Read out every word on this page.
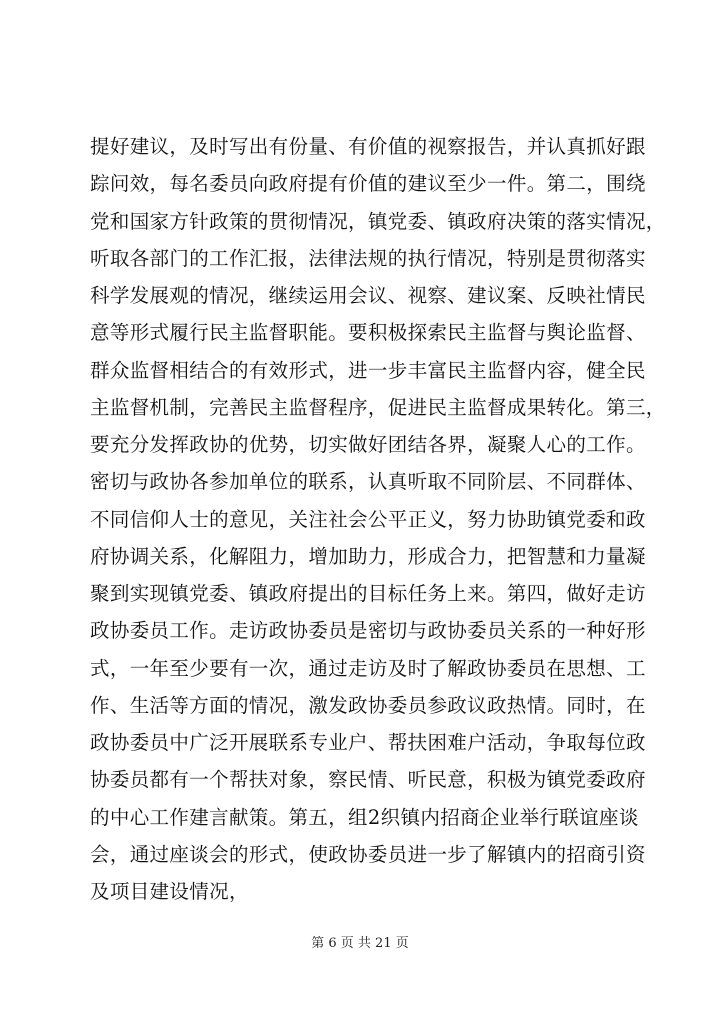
提好建议，及时写出有份量、有价值的视察报告，并认真抓好跟
踪问效，每名委员向政府提有价值的建议至少一件。第二，围绕
党和国家方针政策的贯彻情况，镇党委、镇政府决策的落实情况，
听取各部门的工作汇报，法律法规的执行情况，特别是贯彻落实
科学发展观的情况，继续运用会议、视察、建议案、反映社情民
意等形式履行民主监督职能。要积极探索民主监督与舆论监督、
群众监督相结合的有效形式，进一步丰富民主监督内容，健全民
主监督机制，完善民主监督程序，促进民主监督成果转化。第三，
要充分发挥政协的优势，切实做好团结各界，凝聚人心的工作。
密切与政协各参加单位的联系，认真听取不同阶层、不同群体、
不同信仰人士的意见，关注社会公平正义，努力协助镇党委和政
府协调关系，化解阻力，增加助力，形成合力，把智慧和力量凝
聚到实现镇党委、镇政府提出的目标任务上来。第四，做好走访
政协委员工作。走访政协委员是密切与政协委员关系的一种好形
式，一年至少要有一次，通过走访及时了解政协委员在思想、工
作、生活等方面的情况，激发政协委员参政议政热情。同时，在
政协委员中广泛开展联系专业户、帮扶困难户活动，争取每位政
协委员都有一个帮扶对象，察民情、听民意，积极为镇党委政府
的中心工作建言献策。第五，组2织镇内招商企业举行联谊座谈
会，通过座谈会的形式，使政协委员进一步了解镇内的招商引资
及项目建设情况，
第 6 页 共 21 页
